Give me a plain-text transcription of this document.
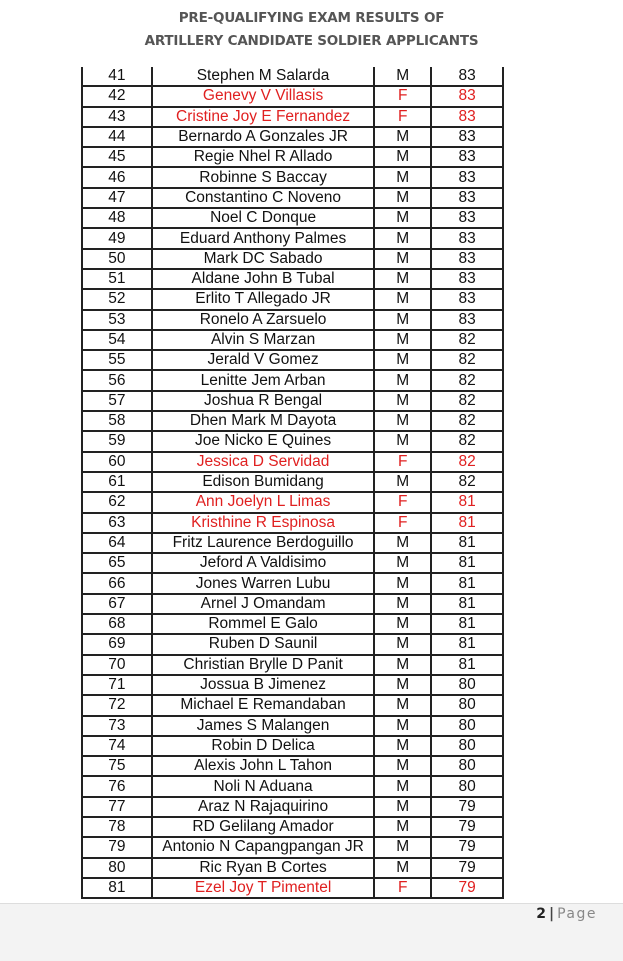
PRE-QUALIFYING EXAM RESULTS OF
ARTILLERY CANDIDATE SOLDIER APPLICANTS
41	Stephen M Salarda	M	83
42	Genevy V Villasis	F	83
43	Cristine Joy E Fernandez	F	83
44	Bernardo A Gonzales JR	M	83
45	Regie Nhel R Allado	M	83
46	Robinne S Baccay	M	83
47	Constantino C Noveno	M	83
48	Noel C Donque	M	83
49	Eduard Anthony Palmes	M	83
50	Mark DC Sabado	M	83
51	Aldane John B Tubal	M	83
52	Erlito T Allegado JR	M	83
53	Ronelo A Zarsuelo	M	83
54	Alvin S Marzan	M	82
55	Jerald V Gomez	M	82
56	Lenitte Jem Arban	M	82
57	Joshua R Bengal	M	82
58	Dhen Mark M Dayota	M	82
59	Joe Nicko E Quines	M	82
60	Jessica D Servidad	F	82
61	Edison Bumidang	M	82
62	Ann Joelyn L Limas	F	81
63	Kristhine R Espinosa	F	81
64	Fritz Laurence Berdoguillo	M	81
65	Jeford A Valdisimo	M	81
66	Jones Warren Lubu	M	81
67	Arnel J Omandam	M	81
68	Rommel E Galo	M	81
69	Ruben D Saunil	M	81
70	Christian Brylle D Panit	M	81
71	Jossua B Jimenez	M	80
72	Michael E Remandaban	M	80
73	James S Malangen	M	80
74	Robin D Delica	M	80
75	Alexis John L Tahon	M	80
76	Noli N Aduana	M	80
77	Araz N Rajaquirino	M	79
78	RD Gelilang Amador	M	79
79	Antonio N Capangpangan JR	M	79
80	Ric Ryan B Cortes	M	79
81	Ezel Joy T Pimentel	F	79
2 | Page
